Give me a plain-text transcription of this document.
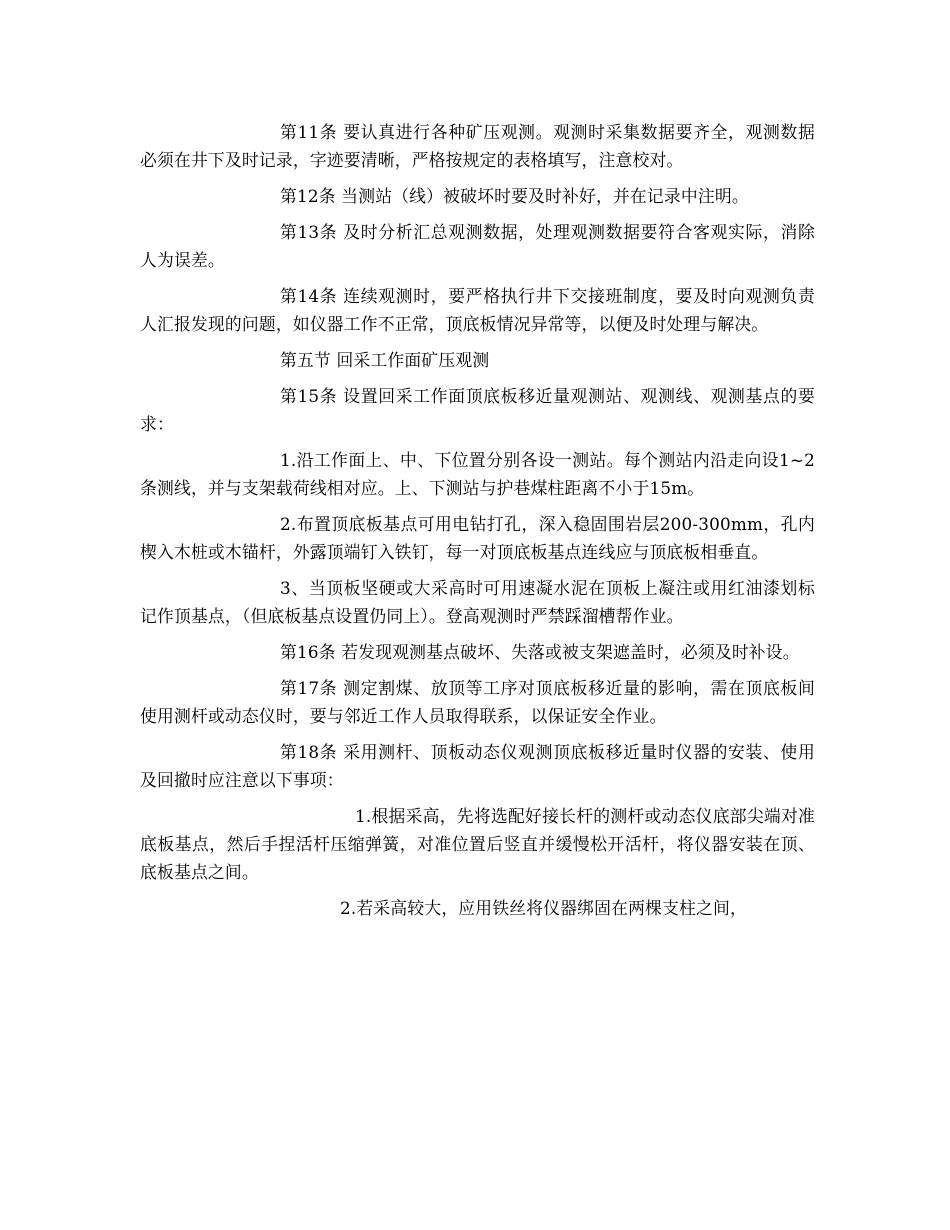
第11条 要认真进行各种矿压观测。观测时采集数据要齐全，观测数据必须在井下及时记录，字迹要清晰，严格按规定的表格填写，注意校对。

第12条 当测站（线）被破坏时要及时补好，并在记录中注明。

第13条 及时分析汇总观测数据，处理观测数据要符合客观实际，消除人为误差。

第14条 连续观测时，要严格执行井下交接班制度，要及时向观测负责人汇报发现的问题，如仪器工作不正常，顶底板情况异常等，以便及时处理与解决。

第五节 回采工作面矿压观测

第15条 设置回采工作面顶底板移近量观测站、观测线、观测基点的要求：

1.沿工作面上、中、下位置分别各设一测站。每个测站内沿走向设1~2条测线，并与支架载荷线相对应。上、下测站与护巷煤柱距离不小于15m。

2.布置顶底板基点可用电钻打孔，深入稳固围岩层200-300mm，孔内楔入木桩或木锚杆，外露顶端钉入铁钉，每一对顶底板基点连线应与顶底板相垂直。

3、当顶板坚硬或大采高时可用速凝水泥在顶板上凝注或用红油漆划标记作顶基点，（但底板基点设置仍同上）。登高观测时严禁踩溜槽帮作业。

第16条 若发现观测基点破坏、失落或被支架遮盖时，必须及时补设。

第17条 测定割煤、放顶等工序对顶底板移近量的影响，需在顶底板间使用测杆或动态仪时，要与邻近工作人员取得联系，以保证安全作业。

第18条 采用测杆、顶板动态仪观测顶底板移近量时仪器的安装、使用及回撤时应注意以下事项：

1.根据采高，先将选配好接长杆的测杆或动态仪底部尖端对准底板基点，然后手捏活杆压缩弹簧，对准位置后竖直并缓慢松开活杆，将仪器安装在顶、底板基点之间。

2.若采高较大，应用铁丝将仪器绑固在两棵支柱之间，
